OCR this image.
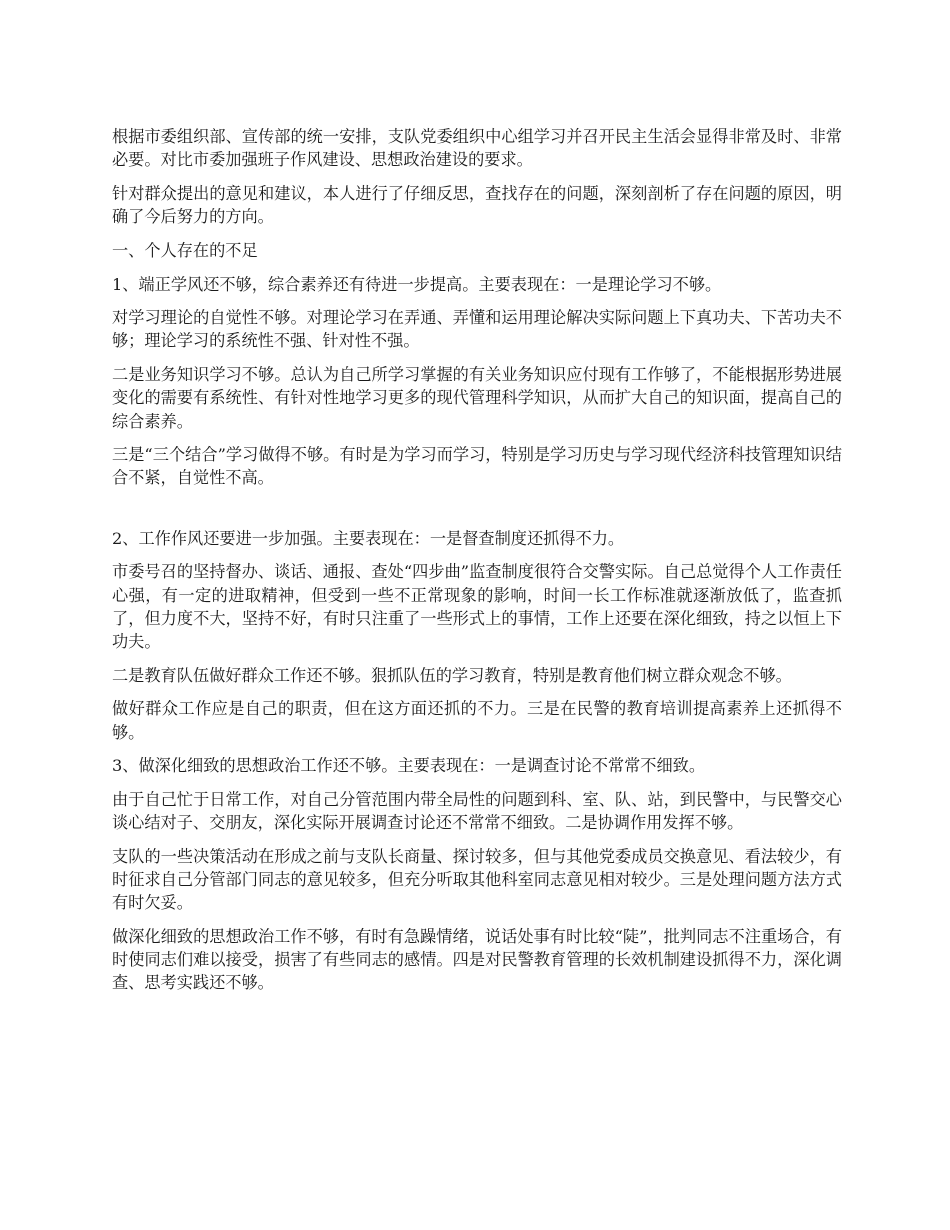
根据市委组织部、宣传部的统一安排，支队党委组织中心组学习并召开民主生活会显得非常及时、非常必要。对比市委加强班子作风建设、思想政治建设的要求。

针对群众提出的意见和建议，本人进行了仔细反思，查找存在的问题，深刻剖析了存在问题的原因，明确了今后努力的方向。

一、个人存在的不足

1、端正学风还不够，综合素养还有待进一步提高。主要表现在：一是理论学习不够。

对学习理论的自觉性不够。对理论学习在弄通、弄懂和运用理论解决实际问题上下真功夫、下苦功夫不够；理论学习的系统性不强、针对性不强。

二是业务知识学习不够。总认为自己所学习掌握的有关业务知识应付现有工作够了，不能根据形势进展变化的需要有系统性、有针对性地学习更多的现代管理科学知识，从而扩大自己的知识面，提高自己的综合素养。

三是“三个结合”学习做得不够。有时是为学习而学习，特别是学习历史与学习现代经济科技管理知识结合不紧，自觉性不高。

2、工作作风还要进一步加强。主要表现在：一是督查制度还抓得不力。

市委号召的坚持督办、谈话、通报、查处“四步曲”监查制度很符合交警实际。自己总觉得个人工作责任心强，有一定的进取精神，但受到一些不正常现象的影响，时间一长工作标准就逐渐放低了，监查抓了，但力度不大，坚持不好，有时只注重了一些形式上的事情，工作上还要在深化细致，持之以恒上下功夫。

二是教育队伍做好群众工作还不够。狠抓队伍的学习教育，特别是教育他们树立群众观念不够。

做好群众工作应是自己的职责，但在这方面还抓的不力。三是在民警的教育培训提高素养上还抓得不够。

3、做深化细致的思想政治工作还不够。主要表现在：一是调查讨论不常常不细致。

由于自己忙于日常工作，对自己分管范围内带全局性的问题到科、室、队、站，到民警中，与民警交心谈心结对子、交朋友，深化实际开展调查讨论还不常常不细致。二是协调作用发挥不够。

支队的一些决策活动在形成之前与支队长商量、探讨较多，但与其他党委成员交换意见、看法较少，有时征求自己分管部门同志的意见较多，但充分听取其他科室同志意见相对较少。三是处理问题方法方式有时欠妥。

做深化细致的思想政治工作不够，有时有急躁情绪，说话处事有时比较“陡”，批判同志不注重场合，有时使同志们难以接受，损害了有些同志的感情。四是对民警教育管理的长效机制建设抓得不力，深化调查、思考实践还不够。
